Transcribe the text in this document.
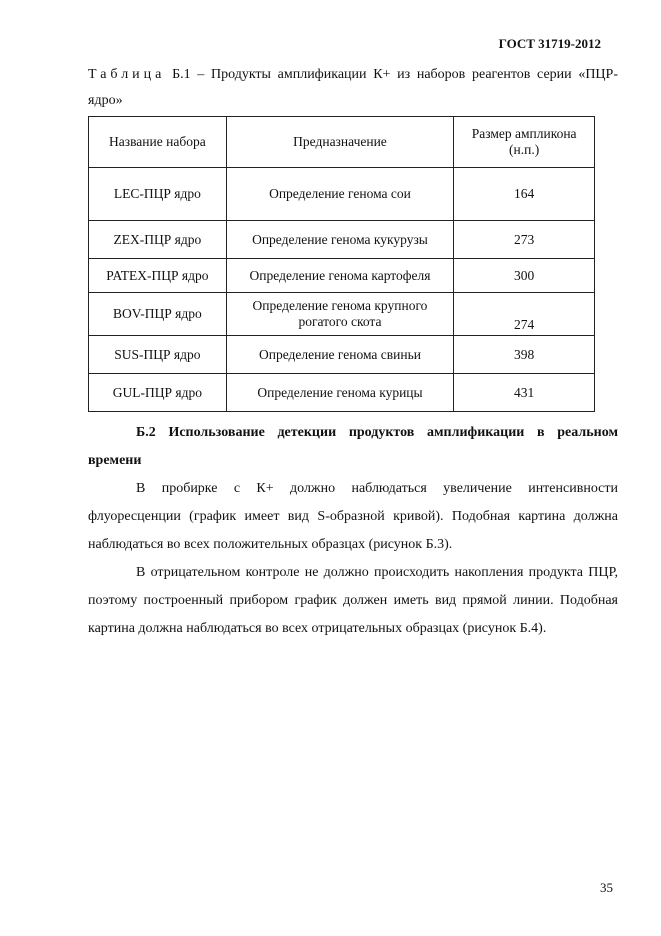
ГОСТ 31719-2012
Таблица Б.1 – Продукты амплификации К+ из наборов реагентов серии «ПЦР-ядро»
Название набора	Предназначение	Размер ампликона (н.п.)
LEC-ПЦР ядро	Определение генома сои	164
ZEX-ПЦР ядро	Определение генома кукурузы	273
PATEX-ПЦР ядро	Определение генома картофеля	300
BOV-ПЦР ядро	Определение генома крупного рогатого скота	274
SUS-ПЦР ядро	Определение генома свиньи	398
GUL-ПЦР ядро	Определение генома курицы	431
Б.2 Использование детекции продуктов амплификации в реальном времени

В пробирке с К+ должно наблюдаться увеличение интенсивности флуоресценции (график имеет вид S-образной кривой). Подобная картина должна наблюдаться во всех положительных образцах (рисунок Б.3).

В отрицательном контроле не должно происходить накопления продукта ПЦР, поэтому построенный прибором график должен иметь вид прямой линии. Подобная картина должна наблюдаться во всех отрицательных образцах (рисунок Б.4).

35
